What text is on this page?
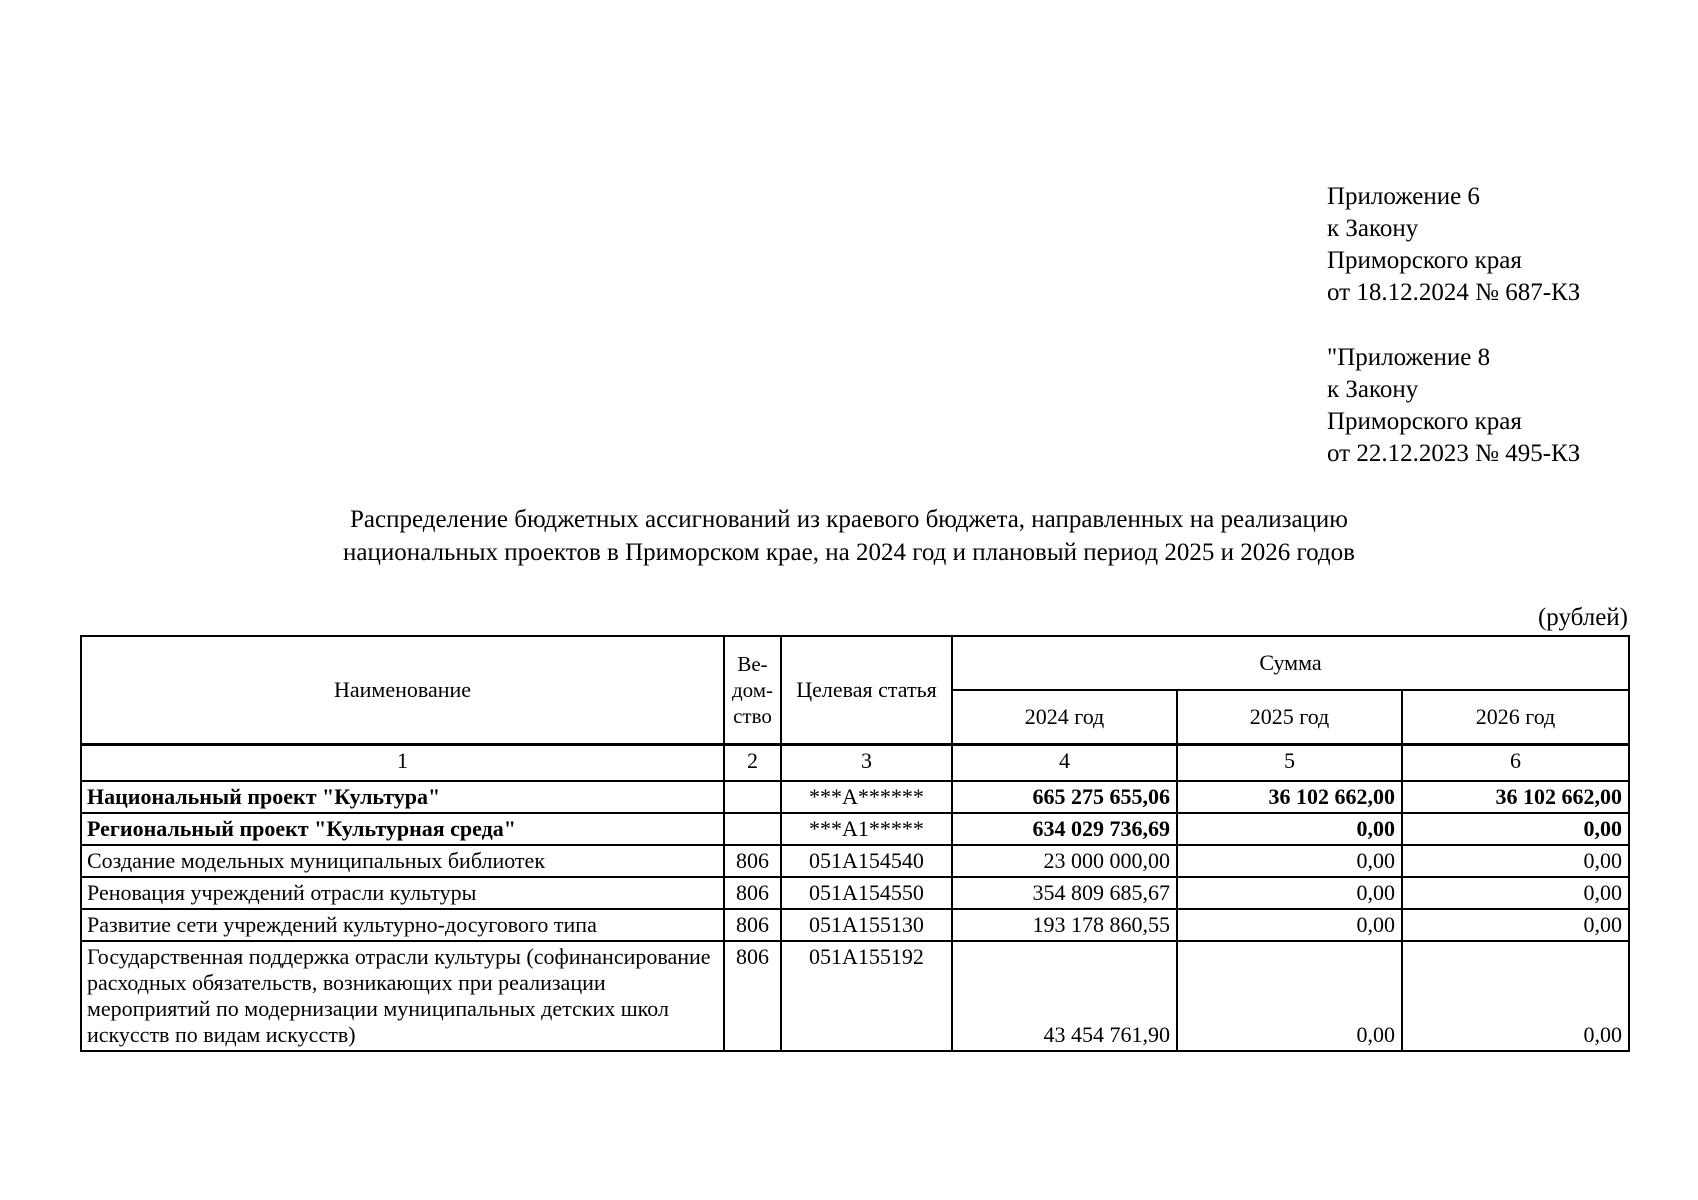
Приложение 6
к Закону
Приморского края
от 18.12.2024 № 687-КЗ
"Приложение 8
к Закону
Приморского края
от 22.12.2023 № 495-КЗ
Распределение бюджетных ассигнований из краевого бюджета, направленных на реализацию
национальных проектов в Приморском крае, на 2024 год и плановый период 2025 и 2026 годов
(рублей)
Наименование	Ве-
дом-
ство	Целевая статья	Сумма		
			2024 год	2025 год	2026 год
1	2	3	4	5	6
Национальный проект "Культура"		***А******	665 275 655,06	36 102 662,00	36 102 662,00
Региональный проект "Культурная среда"		***А1*****	634 029 736,69	0,00	0,00
Создание модельных муниципальных библиотек	806	051А154540	23 000 000,00	0,00	0,00
Реновация учреждений отрасли культуры	806	051А154550	354 809 685,67	0,00	0,00
Развитие сети учреждений культурно-досугового типа	806	051А155130	193 178 860,55	0,00	0,00
Государственная поддержка отрасли культуры (софинансирование расходных обязательств, возникающих при реализации мероприятий по модернизации муниципальных детских школ искусств по видам искусств)	806	051А155192	43 454 761,90	0,00	0,00
